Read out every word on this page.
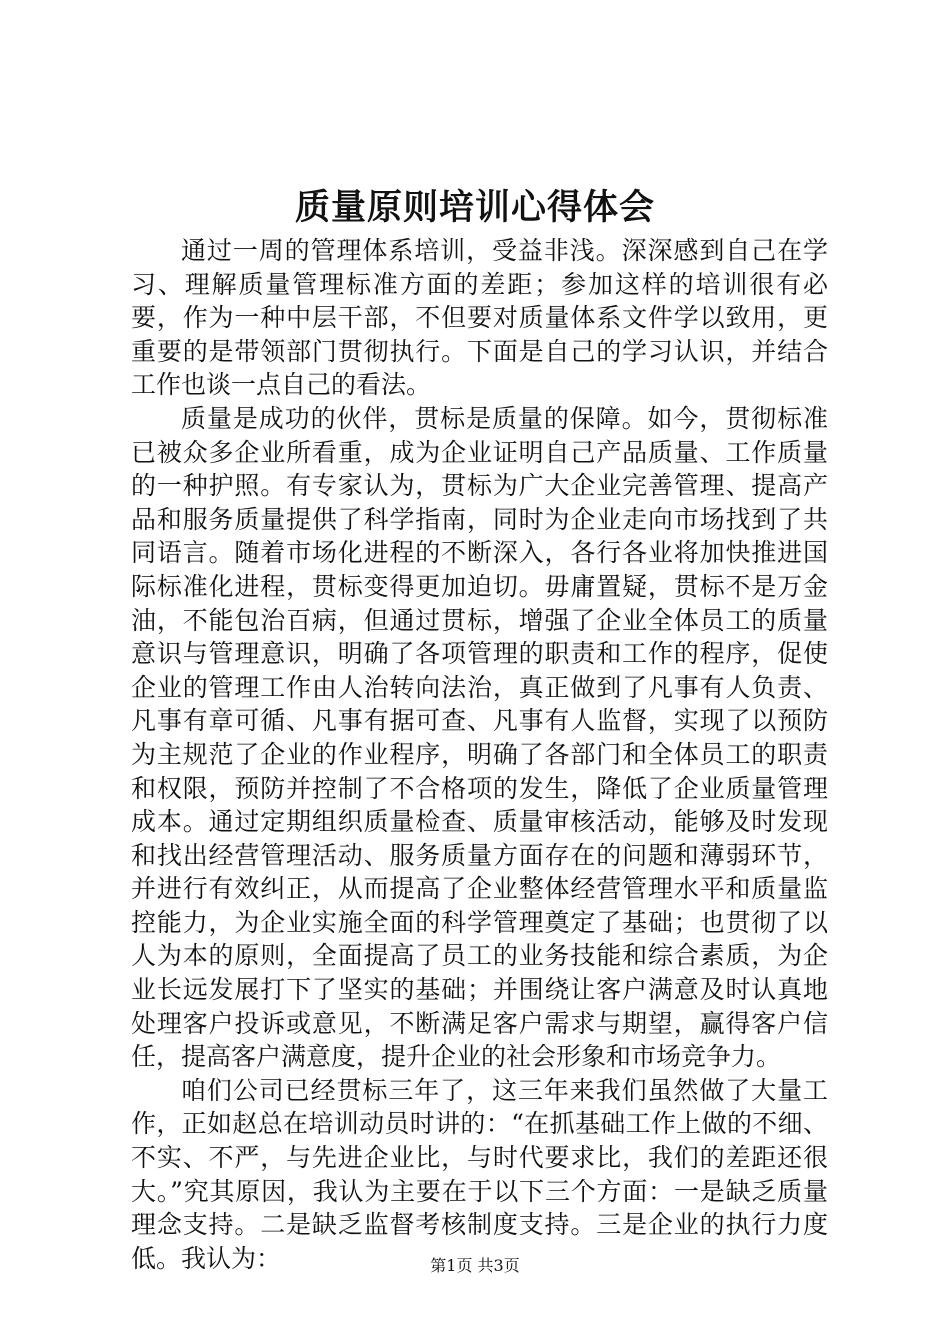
质量原则培训心得体会

通过一周的管理体系培训，受益非浅。深深感到自己在学习、理解质量管理标准方面的差距；参加这样的培训很有必要，作为一种中层干部，不但要对质量体系文件学以致用，更重要的是带领部门贯彻执行。下面是自己的学习认识，并结合工作也谈一点自己的看法。

质量是成功的伙伴，贯标是质量的保障。如今，贯彻标准已被众多企业所看重，成为企业证明自己产品质量、工作质量的一种护照。有专家认为，贯标为广大企业完善管理、提高产品和服务质量提供了科学指南，同时为企业走向市场找到了共同语言。随着市场化进程的不断深入，各行各业将加快推进国际标准化进程，贯标变得更加迫切。毋庸置疑，贯标不是万金油，不能包治百病，但通过贯标，增强了企业全体员工的质量意识与管理意识，明确了各项管理的职责和工作的程序，促使企业的管理工作由人治转向法治，真正做到了凡事有人负责、凡事有章可循、凡事有据可查、凡事有人监督，实现了以预防为主规范了企业的作业程序，明确了各部门和全体员工的职责和权限，预防并控制了不合格项的发生，降低了企业质量管理成本。通过定期组织质量检查、质量审核活动，能够及时发现和找出经营管理活动、服务质量方面存在的问题和薄弱环节，并进行有效纠正，从而提高了企业整体经营管理水平和质量监控能力，为企业实施全面的科学管理奠定了基础；也贯彻了以人为本的原则，全面提高了员工的业务技能和综合素质，为企业长远发展打下了坚实的基础；并围绕让客户满意及时认真地处理客户投诉或意见，不断满足客户需求与期望，赢得客户信任，提高客户满意度，提升企业的社会形象和市场竞争力。

咱们公司已经贯标三年了，这三年来我们虽然做了大量工作，正如赵总在培训动员时讲的：“在抓基础工作上做的不细、不实、不严，与先进企业比，与时代要求比，我们的差距还很大。”究其原因，我认为主要在于以下三个方面：一是缺乏质量理念支持。二是缺乏监督考核制度支持。三是企业的执行力度低。我认为：	第1页 共3页
